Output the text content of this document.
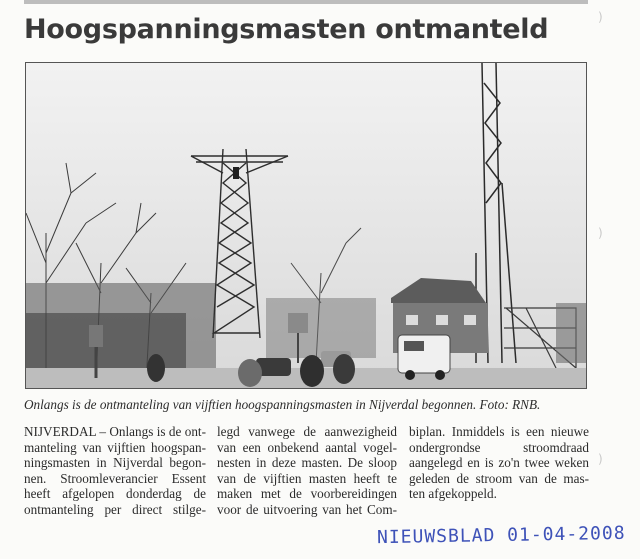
Hoogspanningsmasten ontmanteld
Onlangs is de ontmanteling van vijftien hoogspanningsmasten in Nijverdal begonnen. Foto: RNB.
NIJVERDAL – Onlangs is de ont-
manteling van vijftien hoogspan-
ningsmasten in Nijverdal begon-
nen. Stroomleverancier Essent
heeft afgelopen donderdag de
ontmanteling per direct stilge-
legd vanwege de aanwezigheid
van een onbekend aantal vogel-
nesten in deze masten. De sloop
van de vijftien masten heeft te
maken met de voorbereidingen
voor de uitvoering van het Com-
biplan. Inmiddels is een nieuwe
ondergrondse stroomdraad
aangelegd en is zo'n twee weken
geleden de stroom van de mas-
ten afgekoppeld.
NIEUWSBLAD 01-04-2008
)
)
)
